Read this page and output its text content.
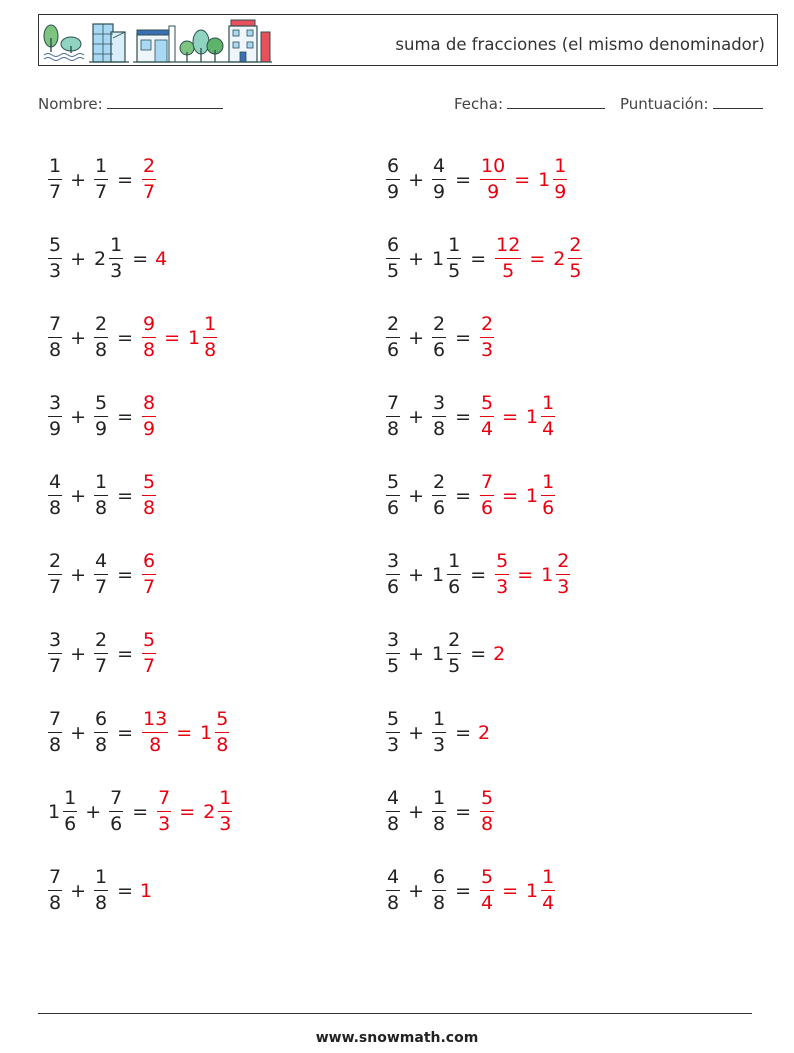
suma de fracciones (el mismo denominador)
Nombre:	Fecha:	Puntuación:
$\frac{1}{7} + \frac{1}{7} = \frac{2}{7}$
$\frac{5}{3} + 2 \frac{1}{3} = 4$
$\frac{7}{8} + \frac{2}{8} = \frac{9}{8} = 1 \frac{1}{8}$
$\frac{3}{9} + \frac{5}{9} = \frac{8}{9}$
$\frac{4}{8} + \frac{1}{8} = \frac{5}{8}$
$\frac{2}{7} + \frac{4}{7} = \frac{6}{7}$
$\frac{3}{7} + \frac{2}{7} = \frac{5}{7}$
$\frac{7}{8} + \frac{6}{8} = \frac{13}{8} = 1 \frac{5}{8}$
$1 \frac{1}{6} + \frac{7}{6} = \frac{7}{3} = 2 \frac{1}{3}$
$\frac{7}{8} + \frac{1}{8} = 1$
$\frac{6}{9} + \frac{4}{9} = \frac{10}{9} = 1 \frac{1}{9}$
$\frac{6}{5} + 1 \frac{1}{5} = \frac{12}{5} = 2 \frac{2}{5}$
$\frac{2}{6} + \frac{2}{6} = \frac{2}{3}$
$\frac{7}{8} + \frac{3}{8} = \frac{5}{4} = 1 \frac{1}{4}$
$\frac{5}{6} + \frac{2}{6} = \frac{7}{6} = 1 \frac{1}{6}$
$\frac{3}{6} + 1 \frac{1}{6} = \frac{5}{3} = 1 \frac{2}{3}$
$\frac{3}{5} + 1 \frac{2}{5} = 2$
$\frac{5}{3} + \frac{1}{3} = 2$
$\frac{4}{8} + \frac{1}{8} = \frac{5}{8}$
$\frac{4}{8} + \frac{6}{8} = \frac{5}{4} = 1 \frac{1}{4}$
www.snowmath.com
